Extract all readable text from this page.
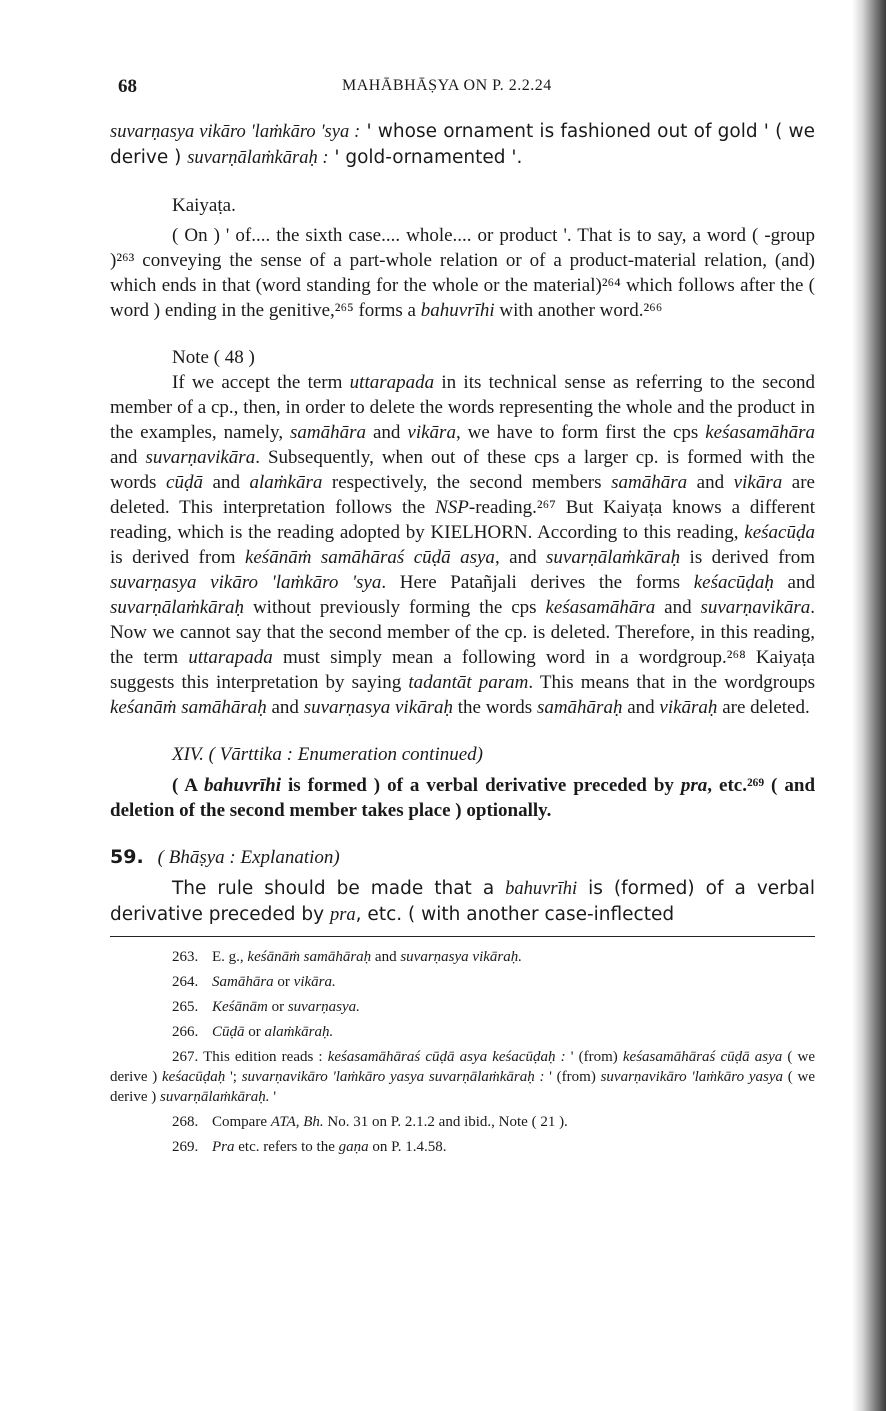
68	MAHĀBHĀṢYA ON P. 2.2.24

suvarṇasya vikāro 'laṁkāro 'sya : ' whose ornament is fashioned out of gold ' ( we derive ) suvarṇālaṁkāraḥ : ' gold-ornamented '.

Kaiyaṭa.

( On ) ' of.... the sixth case.... whole.... or product '. That is to say, a word ( -group )²⁶³ conveying the sense of a part-whole relation or of a product-material relation, (and) which ends in that (word standing for the whole or the material)²⁶⁴ which follows after the ( word ) ending in the genitive,²⁶⁵ forms a bahuvrīhi with another word.²⁶⁶

Note ( 48 )

If we accept the term uttarapada in its technical sense as referring to the second member of a cp., then, in order to delete the words representing the whole and the product in the examples, namely, samāhāra and vikāra, we have to form first the cps keśasamāhāra and suvarṇavikāra. Subsequently, when out of these cps a larger cp. is formed with the words cūḍā and alaṁkāra respectively, the second members samāhāra and vikāra are deleted. This interpretation follows the NSP-reading.²⁶⁷ But Kaiyaṭa knows a different reading, which is the reading adopted by KIELHORN. According to this reading, keśacūḍa is derived from keśānāṁ samāhāraś cūḍā asya, and suvarṇālaṁkāraḥ is derived from suvarṇasya vikāro 'laṁkāro 'sya. Here Patañjali derives the forms keśacūḍaḥ and suvarṇālaṁkāraḥ without previously forming the cps keśasamāhāra and suvarṇavikāra. Now we cannot say that the second member of the cp. is deleted. Therefore, in this reading, the term uttarapada must simply mean a following word in a wordgroup.²⁶⁸ Kaiyaṭa suggests this interpretation by saying tadantāt param. This means that in the wordgroups keśanāṁ samāhāraḥ and suvarṇasya vikāraḥ the words samāhāraḥ and vikāraḥ are deleted.

XIV. ( Vārttika : Enumeration continued)

( A bahuvrīhi is formed ) of a verbal derivative preceded by pra, etc.²⁶⁹ ( and deletion of the second member takes place ) optionally.

59. ( Bhāṣya : Explanation)

The rule should be made that a bahuvrīhi is (formed) of a verbal derivative preceded by pra, etc. ( with another case-inflected

263. E. g., keśānāṁ samāhāraḥ and suvarṇasya vikāraḥ.

264. Samāhāra or vikāra.

265. Keśānām or suvarṇasya.

266. Cūḍā or alaṁkāraḥ.

267. This edition reads : keśasamāhāraś cūḍā asya keśacūḍaḥ : ' (from) keśasamāhāraś cūḍā asya ( we derive ) keśacūḍaḥ '; suvarṇavikāro 'laṁkāro yasya suvarṇālaṁkāraḥ : ' (from) suvarṇavikāro 'laṁkāro yasya ( we derive ) suvarṇālaṁkāraḥ. '

268. Compare ATA, Bh. No. 31 on P. 2.1.2 and ibid., Note ( 21 ).

269. Pra etc. refers to the gaṇa on P. 1.4.58.
